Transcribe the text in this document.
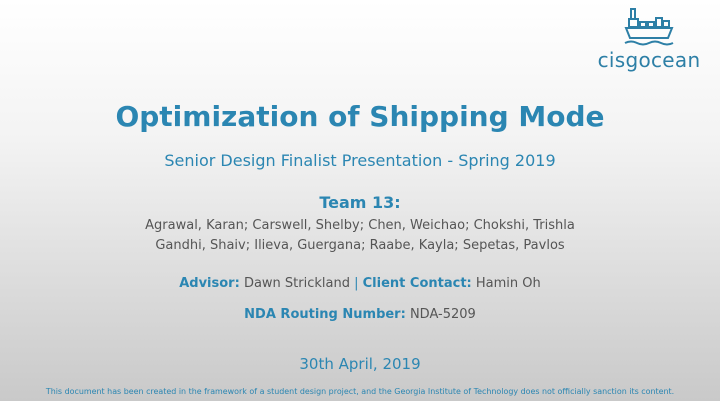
cisgocean
Optimization of Shipping Mode
Senior Design Finalist Presentation - Spring 2019
Team 13:
Agrawal, Karan; Carswell, Shelby; Chen, Weichao; Chokshi, Trishla
Gandhi, Shaiv; Ilieva, Guergana; Raabe, Kayla; Sepetas, Pavlos
Advisor: Dawn Strickland | Client Contact: Hamin Oh
NDA Routing Number: NDA-5209
30th April, 2019
This document has been created in the framework of a student design project, and the Georgia Institute of Technology does not officially sanction its content.
